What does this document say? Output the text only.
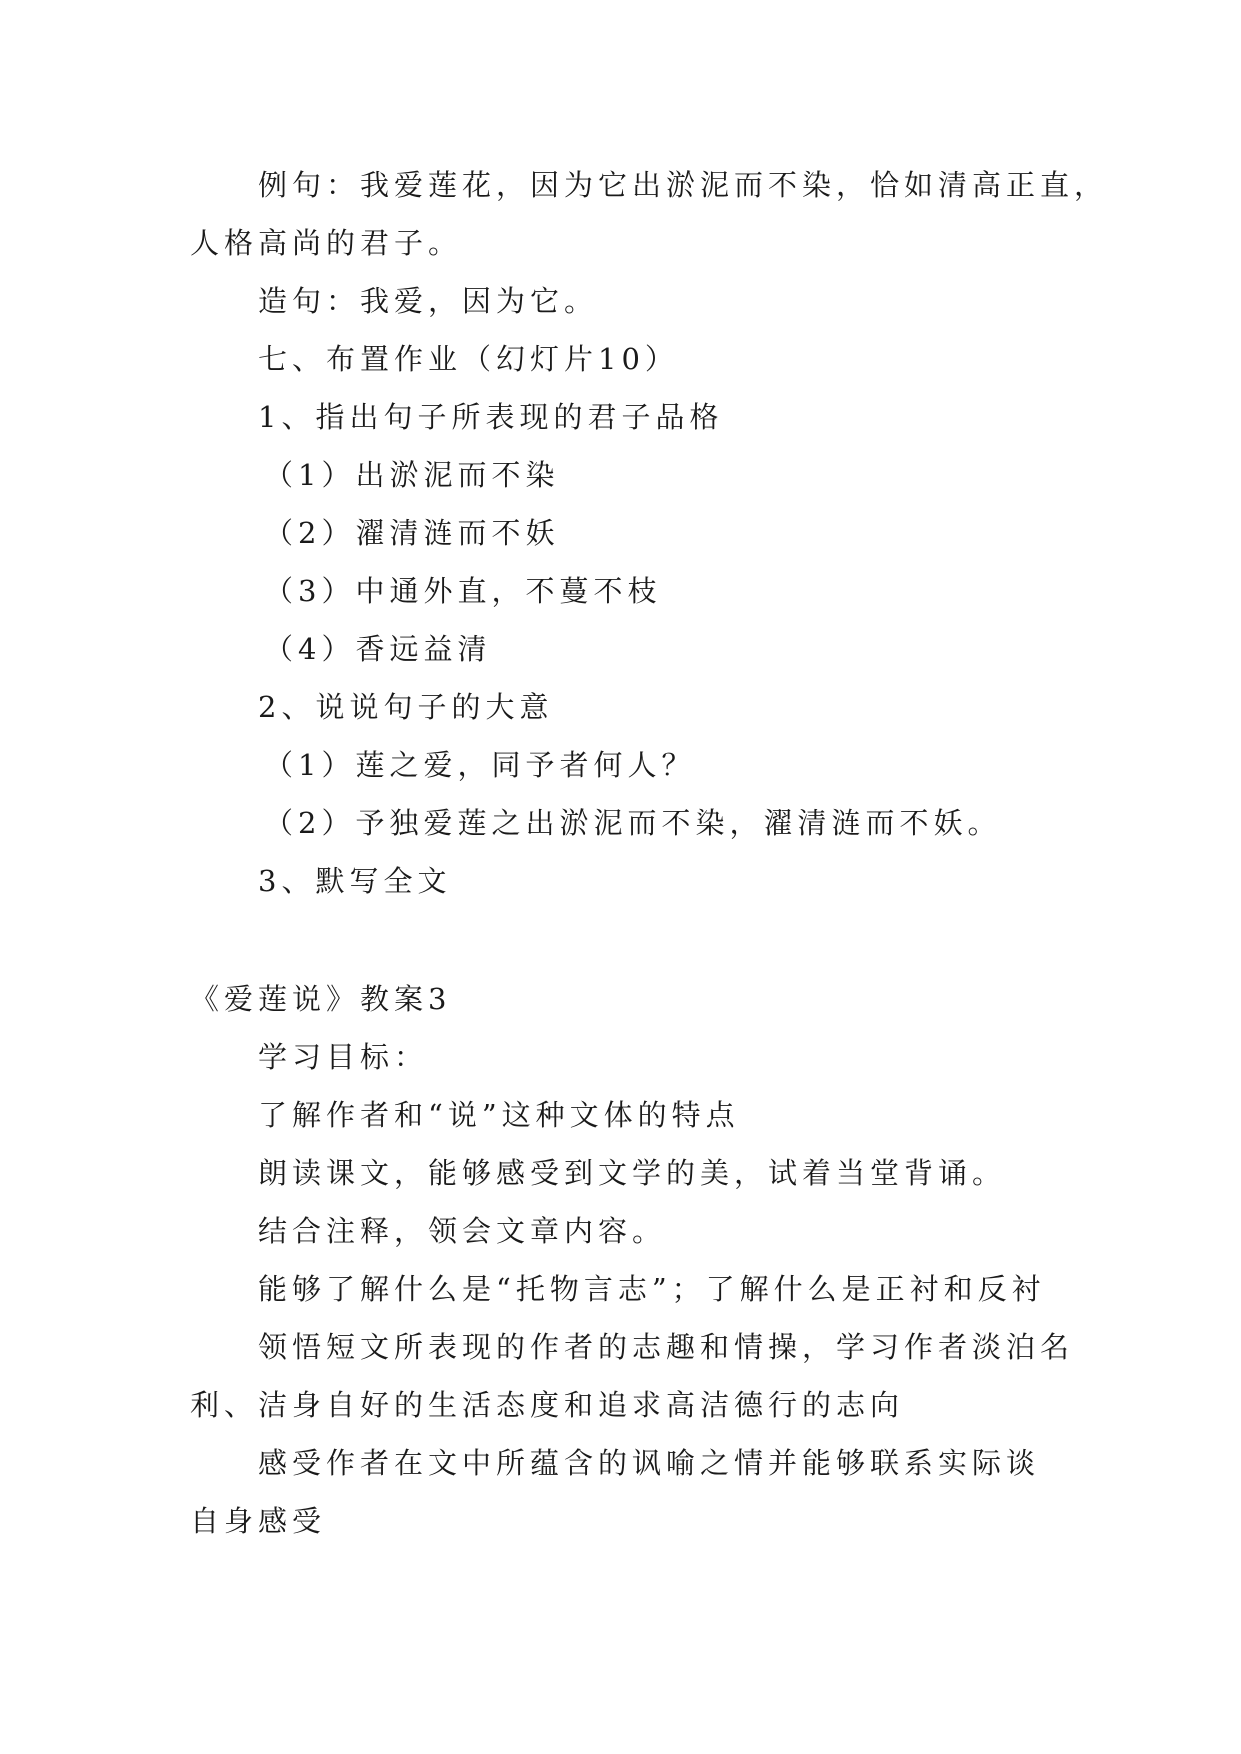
例句：我爱莲花，因为它出淤泥而不染，恰如清高正直，
人格高尚的君子。
造句：我爱，因为它。
七、布置作业（幻灯片10）
1、指出句子所表现的君子品格
（1）出淤泥而不染
（2）濯清涟而不妖
（3）中通外直，不蔓不枝
（4）香远益清
2、说说句子的大意
（1）莲之爱，同予者何人？
（2）予独爱莲之出淤泥而不染，濯清涟而不妖。
3、默写全文
《爱莲说》教案3
学习目标：
了解作者和“说”这种文体的特点
朗读课文，能够感受到文学的美，试着当堂背诵。
结合注释，领会文章内容。
能够了解什么是“托物言志”；了解什么是正衬和反衬
领悟短文所表现的作者的志趣和情操，学习作者淡泊名
利、洁身自好的生活态度和追求高洁德行的志向
感受作者在文中所蕴含的讽喻之情并能够联系实际谈
自身感受
